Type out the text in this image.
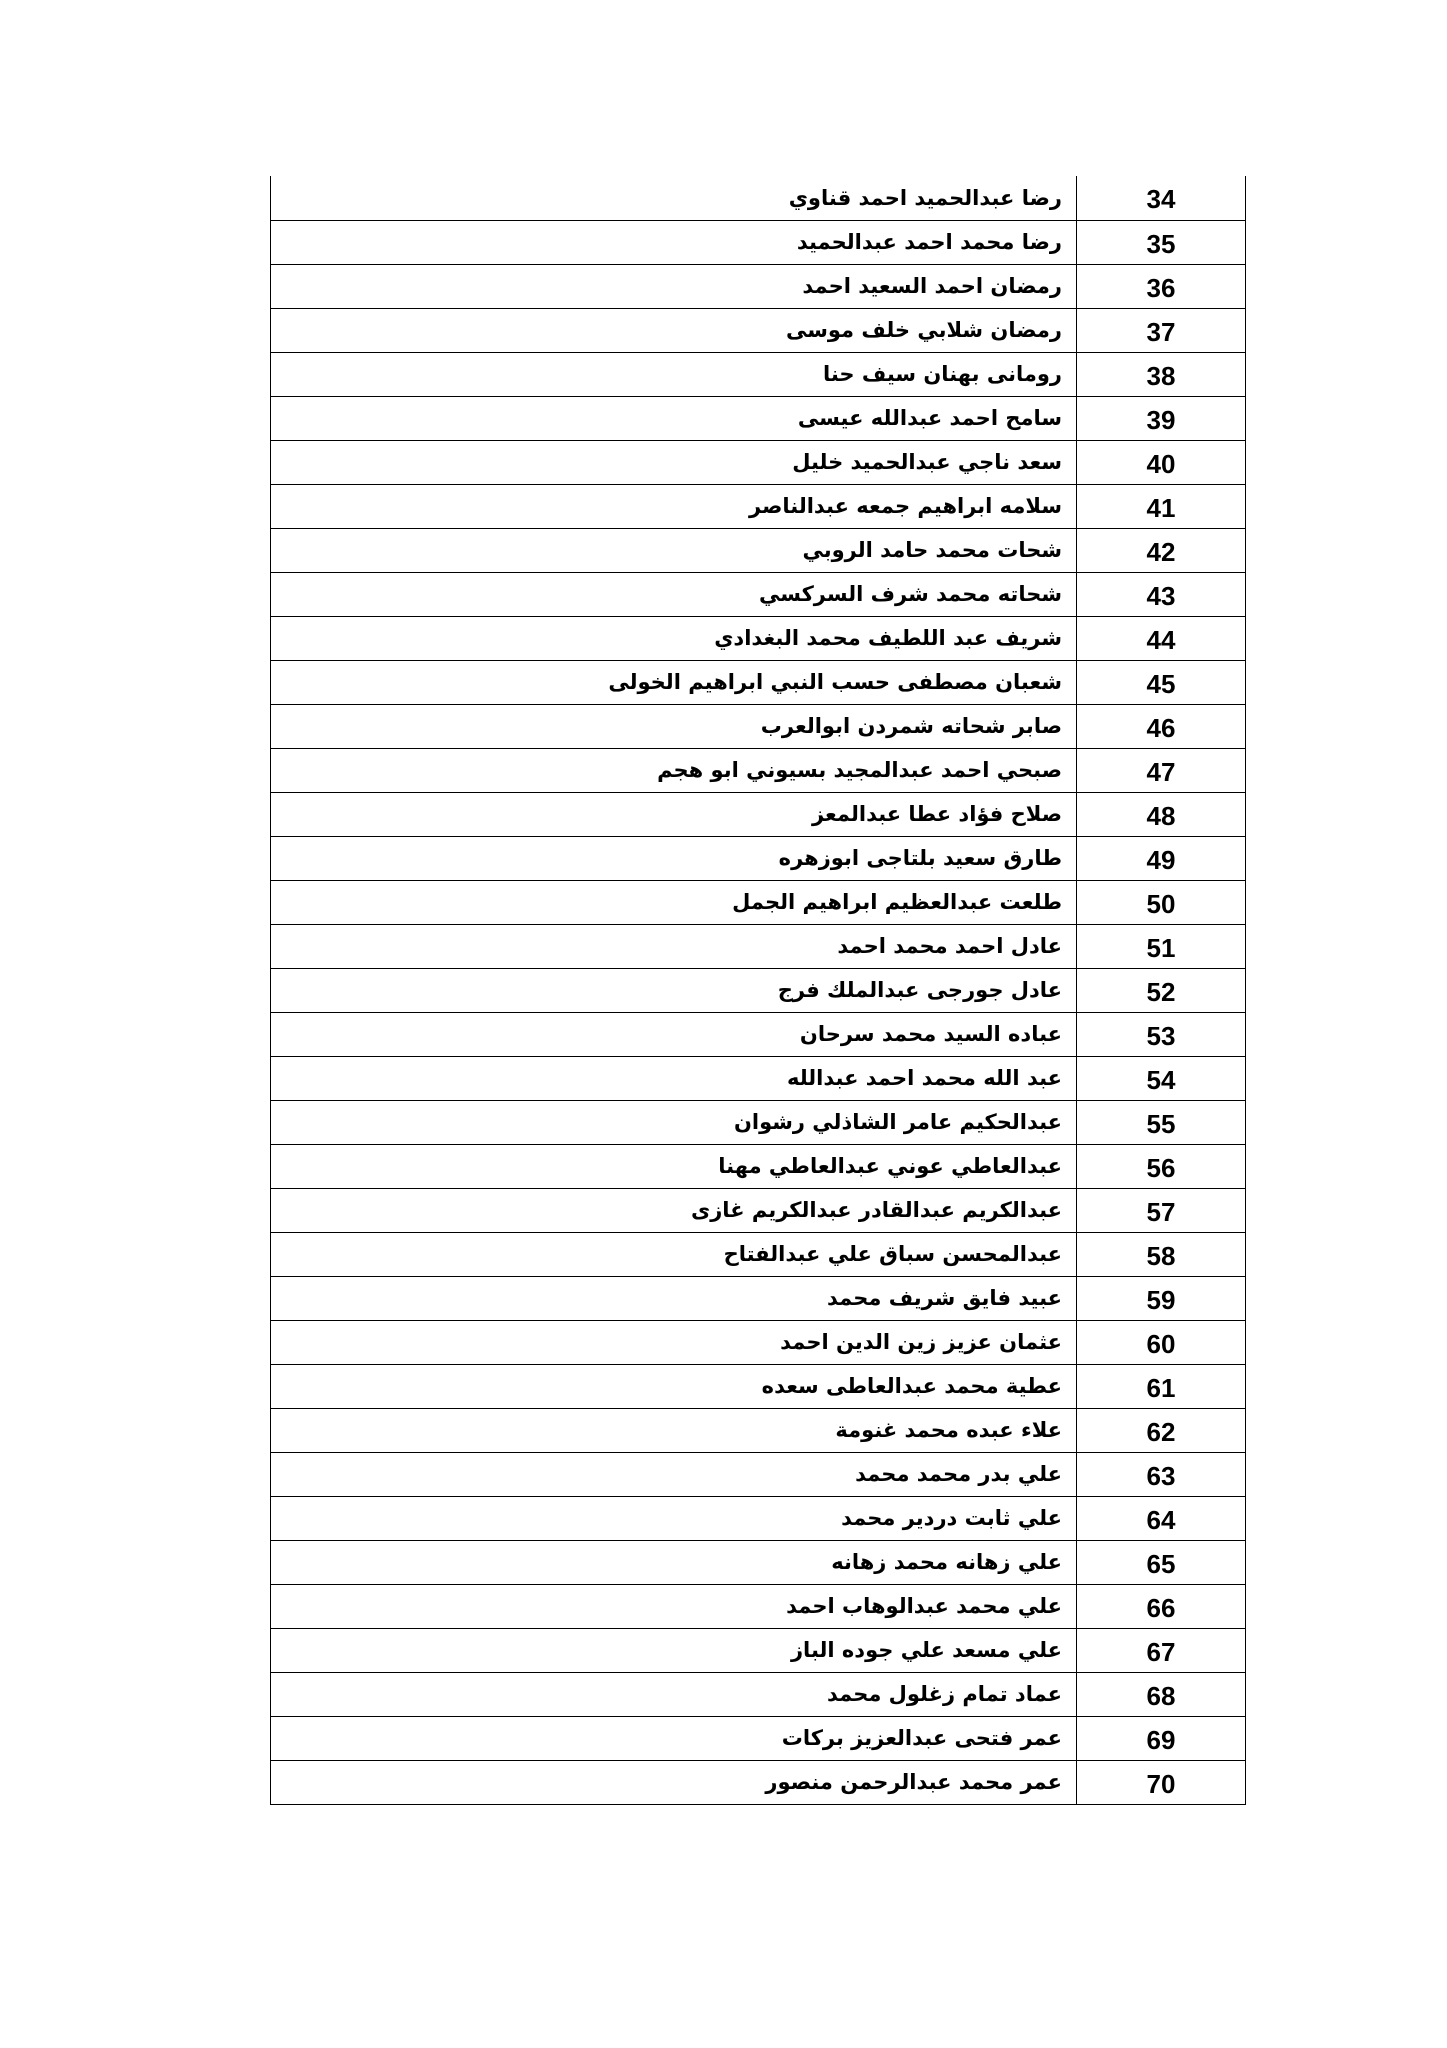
رضا عبدالحميد احمد قناوي	34
رضا محمد احمد عبدالحميد	35
رمضان احمد السعيد احمد	36
رمضان شلابي خلف موسى	37
رومانى بهنان سيف حنا	38
سامح احمد عبدالله عيسى	39
سعد ناجي عبدالحميد خليل	40
سلامه ابراهيم جمعه عبدالناصر	41
شحات محمد حامد الروبي	42
شحاته محمد شرف السركسي	43
شريف عبد اللطيف محمد البغدادي	44
شعبان مصطفى حسب النبي ابراهيم الخولى	45
صابر شحاته شمردن ابوالعرب	46
صبحي احمد عبدالمجيد بسيوني ابو هجم	47
صلاح فؤاد عطا عبدالمعز	48
طارق سعيد بلتاجى ابوزهره	49
طلعت عبدالعظيم ابراهيم الجمل	50
عادل احمد محمد احمد	51
عادل جورجى عبدالملك فرج	52
عباده السيد محمد سرحان	53
عبد الله محمد احمد عبدالله	54
عبدالحكيم عامر الشاذلي رشوان	55
عبدالعاطي عوني عبدالعاطي مهنا	56
عبدالكريم عبدالقادر عبدالكريم غازى	57
عبدالمحسن سباق علي عبدالفتاح	58
عبيد فايق شريف محمد	59
عثمان عزيز زين الدين احمد	60
عطية محمد عبدالعاطى سعده	61
علاء عبده محمد غنومة	62
علي بدر محمد محمد	63
علي ثابت دردير محمد	64
علي زهانه محمد زهانه	65
علي محمد عبدالوهاب احمد	66
علي مسعد علي جوده الباز	67
عماد تمام زغلول محمد	68
عمر فتحى عبدالعزيز بركات	69
عمر محمد عبدالرحمن منصور	70
